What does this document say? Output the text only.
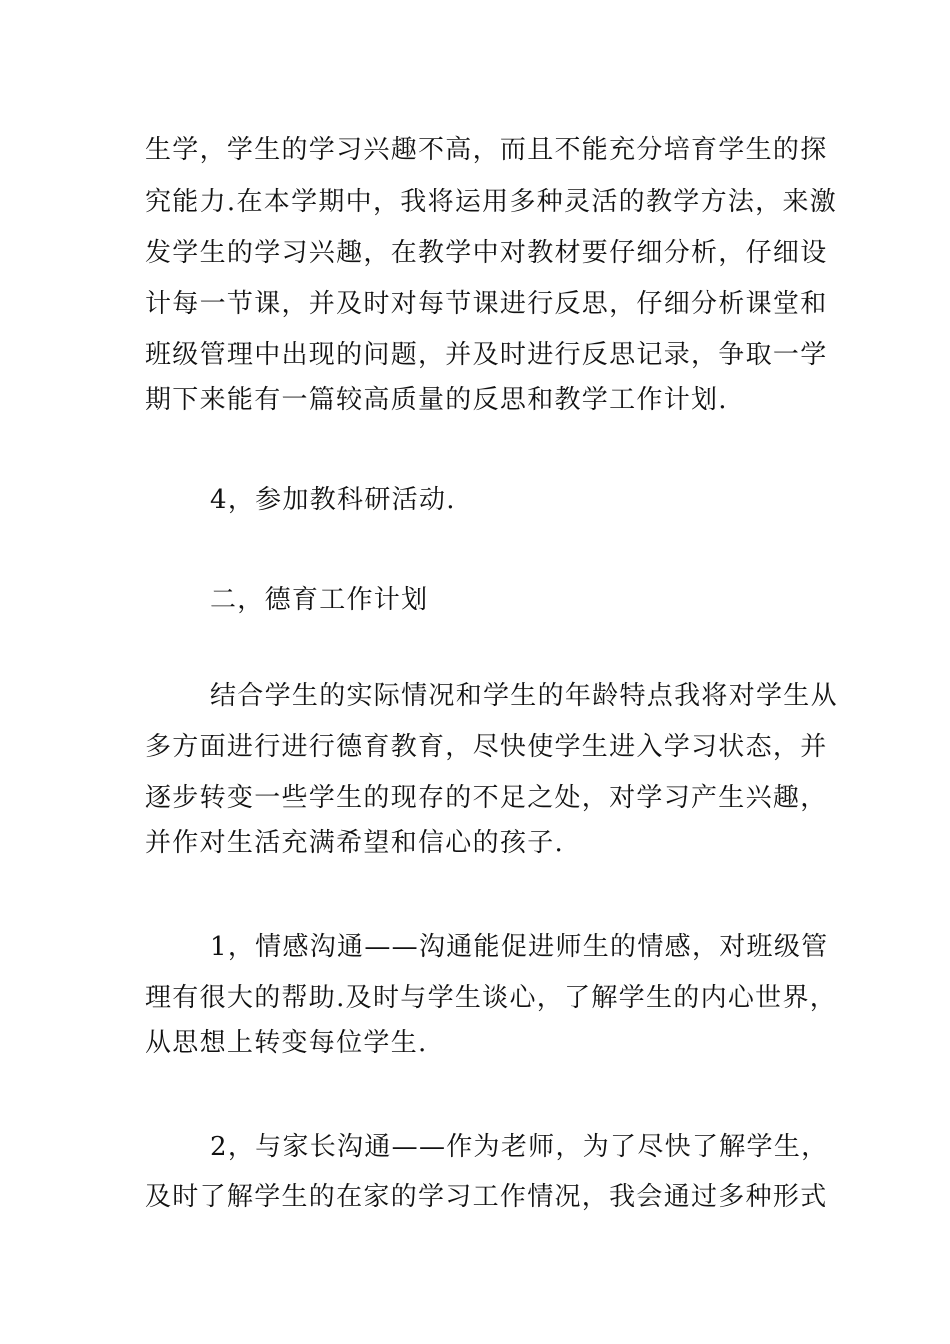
生学，学生的学习兴趣不高，而且不能充分培育学生的探
究能力.在本学期中，我将运用多种灵活的教学方法，来激
发学生的学习兴趣，在教学中对教材要仔细分析，仔细设
计每一节课，并及时对每节课进行反思，仔细分析课堂和
班级管理中出现的问题，并及时进行反思记录，争取一学
期下来能有一篇较高质量的反思和教学工作计划.
4，参加教科研活动.
二，德育工作计划
结合学生的实际情况和学生的年龄特点我将对学生从
多方面进行进行德育教育，尽快使学生进入学习状态，并
逐步转变一些学生的现存的不足之处，对学习产生兴趣，
并作对生活充满希望和信心的孩子.
1，情感沟通——沟通能促进师生的情感，对班级管
理有很大的帮助.及时与学生谈心，了解学生的内心世界，
从思想上转变每位学生.
2，与家长沟通——作为老师，为了尽快了解学生，
及时了解学生的在家的学习工作情况，我会通过多种形式
